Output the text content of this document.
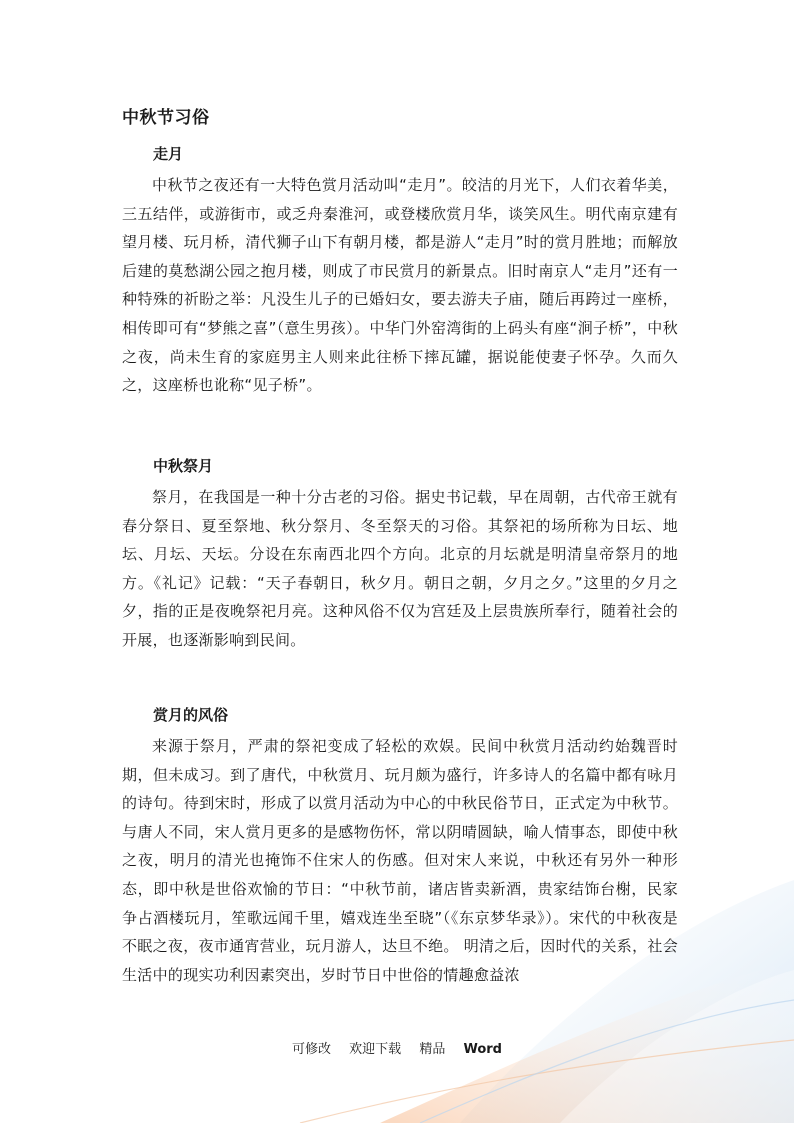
中秋节习俗
走月

中秋节之夜还有一大特色赏月活动叫“走月”。皎洁的月光下，人们衣着华美，三五结伴，或游街市，或乏舟秦淮河，或登楼欣赏月华，谈笑风生。明代南京建有望月楼、玩月桥，清代狮子山下有朝月楼，都是游人“走月”时的赏月胜地；而解放后建的莫愁湖公园之抱月楼，则成了市民赏月的新景点。旧时南京人“走月”还有一种特殊的祈盼之举：凡没生儿子的已婚妇女，要去游夫子庙，随后再跨过一座桥，相传即可有“梦熊之喜”（意生男孩）。中华门外窑湾街的上码头有座“涧子桥”，中秋之夜，尚未生育的家庭男主人则来此往桥下摔瓦罐，据说能使妻子怀孕。久而久之，这座桥也讹称“见子桥”。

中秋祭月

祭月，在我国是一种十分古老的习俗。据史书记载，早在周朝，古代帝王就有春分祭日、夏至祭地、秋分祭月、冬至祭天的习俗。其祭祀的场所称为日坛、地坛、月坛、天坛。分设在东南西北四个方向。北京的月坛就是明清皇帝祭月的地方。《礼记》记载：“天子春朝日，秋夕月。朝日之朝，夕月之夕。”这里的夕月之夕，指的正是夜晚祭祀月亮。这种风俗不仅为宫廷及上层贵族所奉行，随着社会的开展，也逐渐影响到民间。

赏月的风俗

来源于祭月，严肃的祭祀变成了轻松的欢娱。民间中秋赏月活动约始魏晋时期，但未成习。到了唐代，中秋赏月、玩月颇为盛行，许多诗人的名篇中都有咏月的诗句。待到宋时，形成了以赏月活动为中心的中秋民俗节日，正式定为中秋节。与唐人不同，宋人赏月更多的是感物伤怀，常以阴晴圆缺，喻人情事态，即使中秋之夜，明月的清光也掩饰不住宋人的伤感。但对宋人来说，中秋还有另外一种形态，即中秋是世俗欢愉的节日：“中秋节前，诸店皆卖新酒，贵家结饰台榭，民家争占酒楼玩月，笙歌远闻千里，嬉戏连坐至晓”（《东京梦华录》）。宋代的中秋夜是不眠之夜，夜市通宵营业，玩月游人，达旦不绝。 明清之后，因时代的关系，社会生活中的现实功利因素突出，岁时节日中世俗的情趣愈益浓

可修改 欢迎下载 精品 Word
